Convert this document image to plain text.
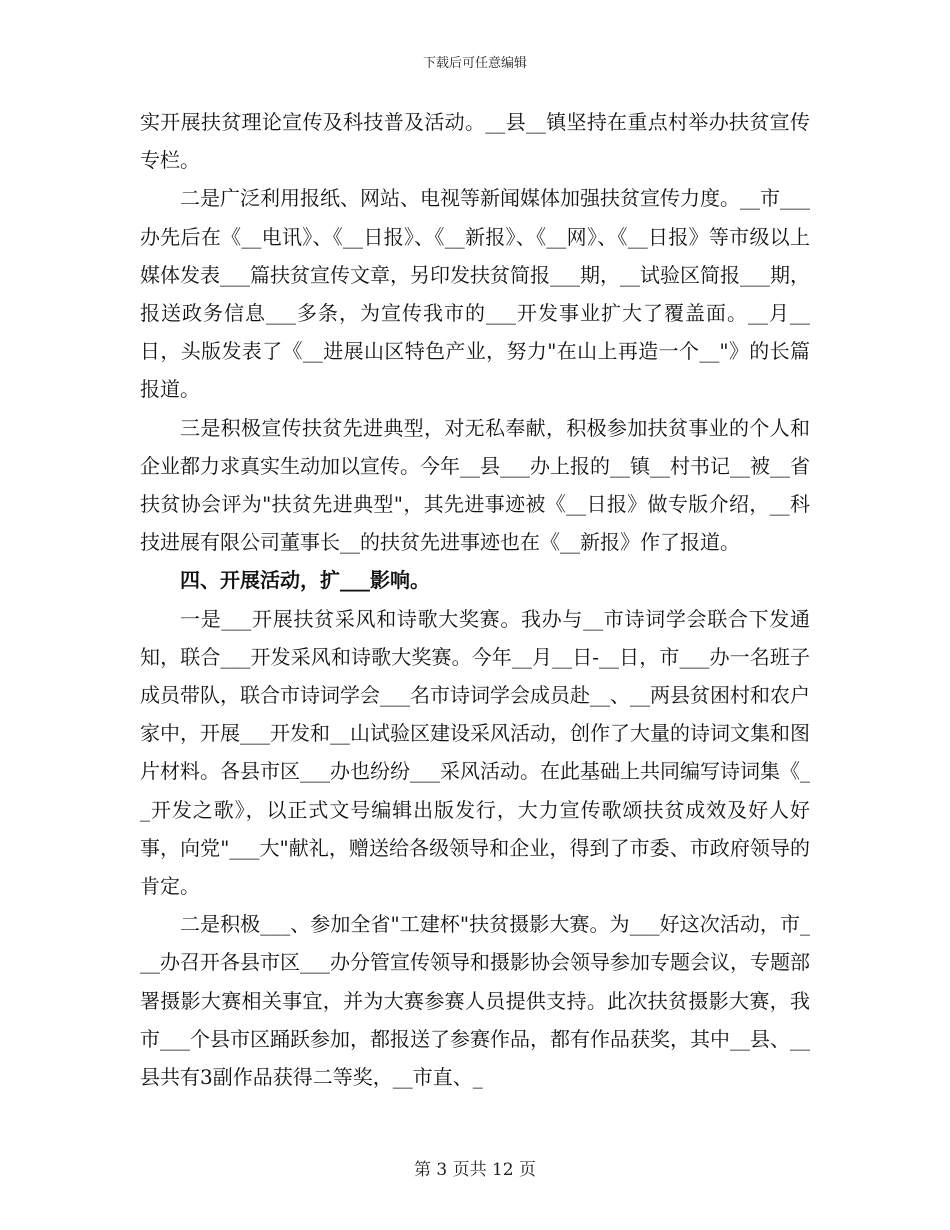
下载后可任意编辑

实开展扶贫理论宣传及科技普及活动。__县__镇坚持在重点村举办扶贫宣传专栏。

二是广泛利用报纸、网站、电视等新闻媒体加强扶贫宣传力度。__市___办先后在《__电讯》、《__日报》、《__新报》、《__网》、《__日报》等市级以上媒体发表___篇扶贫宣传文章，另印发扶贫简报___期，__试验区简报___期，报送政务信息___多条，为宣传我市的___开发事业扩大了覆盖面。__月__日，头版发表了《__进展山区特色产业，努力"在山上再造一个__"》的长篇报道。

三是积极宣传扶贫先进典型，对无私奉献，积极参加扶贫事业的个人和企业都力求真实生动加以宣传。今年__县___办上报的__镇__村书记__被__省扶贫协会评为"扶贫先进典型"，其先进事迹被《__日报》做专版介绍，__科技进展有限公司董事长__的扶贫先进事迹也在《__新报》作了报道。

四、开展活动，扩___影响。

一是___开展扶贫采风和诗歌大奖赛。我办与__市诗词学会联合下发通知，联合___开发采风和诗歌大奖赛。今年__月__日-__日，市___办一名班子成员带队，联合市诗词学会___名市诗词学会成员赴__、__两县贫困村和农户家中，开展___开发和__山试验区建设采风活动，创作了大量的诗词文集和图片材料。各县市区___办也纷纷___采风活动。在此基础上共同编写诗词集《__开发之歌》，以正式文号编辑出版发行，大力宣传歌颂扶贫成效及好人好事，向党"___大"献礼，赠送给各级领导和企业，得到了市委、市政府领导的肯定。

二是积极___、参加全省"工建杯"扶贫摄影大赛。为___好这次活动，市___办召开各县市区___办分管宣传领导和摄影协会领导参加专题会议，专题部署摄影大赛相关事宜，并为大赛参赛人员提供支持。此次扶贫摄影大赛，我市___个县市区踊跃参加，都报送了参赛作品，都有作品获奖，其中__县、__县共有3副作品获得二等奖，__市直、_

第 3 页共 12 页
